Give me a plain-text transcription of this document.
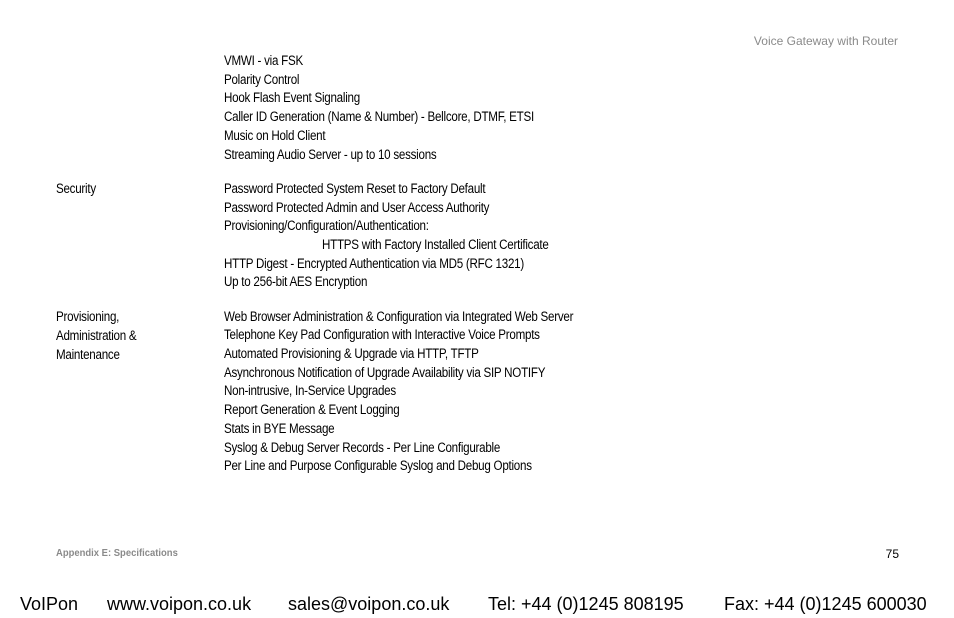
Voice Gateway with Router
VMWI - via FSK
Polarity Control
Hook Flash Event Signaling
Caller ID Generation (Name & Number) - Bellcore, DTMF, ETSI
Music on Hold Client
Streaming Audio Server - up to 10 sessions
Security	Password Protected System Reset to Factory Default
Password Protected Admin and User Access Authority
Provisioning/Configuration/Authentication:
HTTPS with Factory Installed Client Certificate
HTTP Digest - Encrypted Authentication via MD5 (RFC 1321)
Up to 256-bit AES Encryption
Provisioning,
Administration &
Maintenance
Web Browser Administration & Configuration via Integrated Web Server
Telephone Key Pad Configuration with Interactive Voice Prompts
Automated Provisioning & Upgrade via HTTP, TFTP
Asynchronous Notification of Upgrade Availability via SIP NOTIFY
Non-intrusive, In-Service Upgrades
Report Generation & Event Logging
Stats in BYE Message
Syslog & Debug Server Records - Per Line Configurable
Per Line and Purpose Configurable Syslog and Debug Options
Appendix E: Specifications	75
VoIPon www.voipon.co.uk sales@voipon.co.uk Tel: +44 (0)1245 808195 Fax: +44 (0)1245 600030
